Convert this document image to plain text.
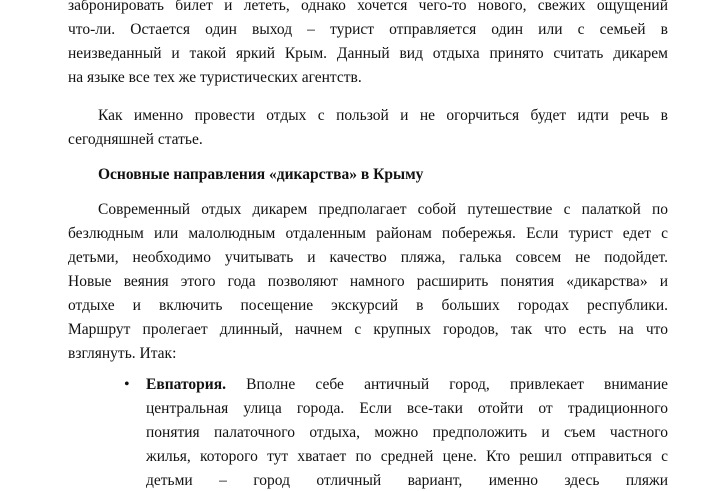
забронировать билет и лететь, однако хочется чего-то нового, свежих ощущений
что-ли. Остается один выход – турист отправляется один или с семьей в
неизведанный и такой яркий Крым. Данный вид отдыха принято считать дикарем
на языке все тех же туристических агентств.
Как именно провести отдых с пользой и не огорчиться будет идти речь в
сегодняшней статье.
Основные направления «дикарства» в Крыму
Современный отдых дикарем предполагает собой путешествие с палаткой по
безлюдным или малолюдным отдаленным районам побережья. Если турист едет с
детьми, необходимо учитывать и качество пляжа, галька совсем не подойдет.
Новые веяния этого года позволяют намного расширить понятия «дикарства» и
отдыхе и включить посещение экскурсий в больших городах республики.
Маршрут пролегает длинный, начнем с крупных городов, так что есть на что
взглянуть. Итак:
• Евпатория. Вполне себе античный город, привлекает внимание
центральная улица города. Если все-таки отойти от традиционного
понятия палаточного отдыха, можно предположить и съем частного
жилья, которого тут хватает по средней цене. Кто решил отправиться с
детьми – город отличный вариант, именно здесь пляжи
